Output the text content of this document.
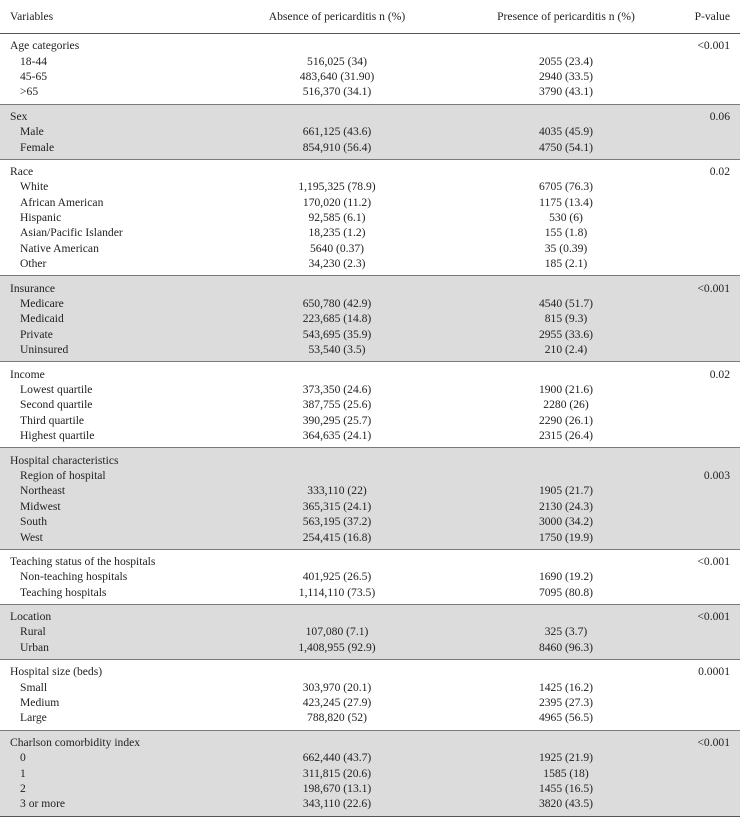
Variables	Absence of pericarditis n (%)	Presence of pericarditis n (%)	P-value
Age categories			<0.001
18-44	516,025 (34)	2055 (23.4)	
45-65	483,640 (31.90)	2940 (33.5)	
>65	516,370 (34.1)	3790 (43.1)	
Sex			0.06
Male	661,125 (43.6)	4035 (45.9)	
Female	854,910 (56.4)	4750 (54.1)	
Race			0.02
White	1,195,325 (78.9)	6705 (76.3)	
African American	170,020 (11.2)	1175 (13.4)	
Hispanic	92,585 (6.1)	530 (6)	
Asian/Pacific Islander	18,235 (1.2)	155 (1.8)	
Native American	5640 (0.37)	35 (0.39)	
Other	34,230 (2.3)	185 (2.1)	
Insurance			<0.001
Medicare	650,780 (42.9)	4540 (51.7)	
Medicaid	223,685 (14.8)	815 (9.3)	
Private	543,695 (35.9)	2955 (33.6)	
Uninsured	53,540 (3.5)	210 (2.4)	
Income			0.02
Lowest quartile	373,350 (24.6)	1900 (21.6)	
Second quartile	387,755 (25.6)	2280 (26)	
Third quartile	390,295 (25.7)	2290 (26.1)	
Highest quartile	364,635 (24.1)	2315 (26.4)	
Hospital characteristics			
Region of hospital			0.003
Northeast	333,110 (22)	1905 (21.7)	
Midwest	365,315 (24.1)	2130 (24.3)	
South	563,195 (37.2)	3000 (34.2)	
West	254,415 (16.8)	1750 (19.9)	
Teaching status of the hospitals			<0.001
Non-teaching hospitals	401,925 (26.5)	1690 (19.2)	
Teaching hospitals	1,114,110 (73.5)	7095 (80.8)	
Location			<0.001
Rural	107,080 (7.1)	325 (3.7)	
Urban	1,408,955 (92.9)	8460 (96.3)	
Hospital size (beds)			0.0001
Small	303,970 (20.1)	1425 (16.2)	
Medium	423,245 (27.9)	2395 (27.3)	
Large	788,820 (52)	4965 (56.5)	
Charlson comorbidity index			<0.001
0	662,440 (43.7)	1925 (21.9)	
1	311,815 (20.6)	1585 (18)	
2	198,670 (13.1)	1455 (16.5)	
3 or more	343,110 (22.6)	3820 (43.5)	
